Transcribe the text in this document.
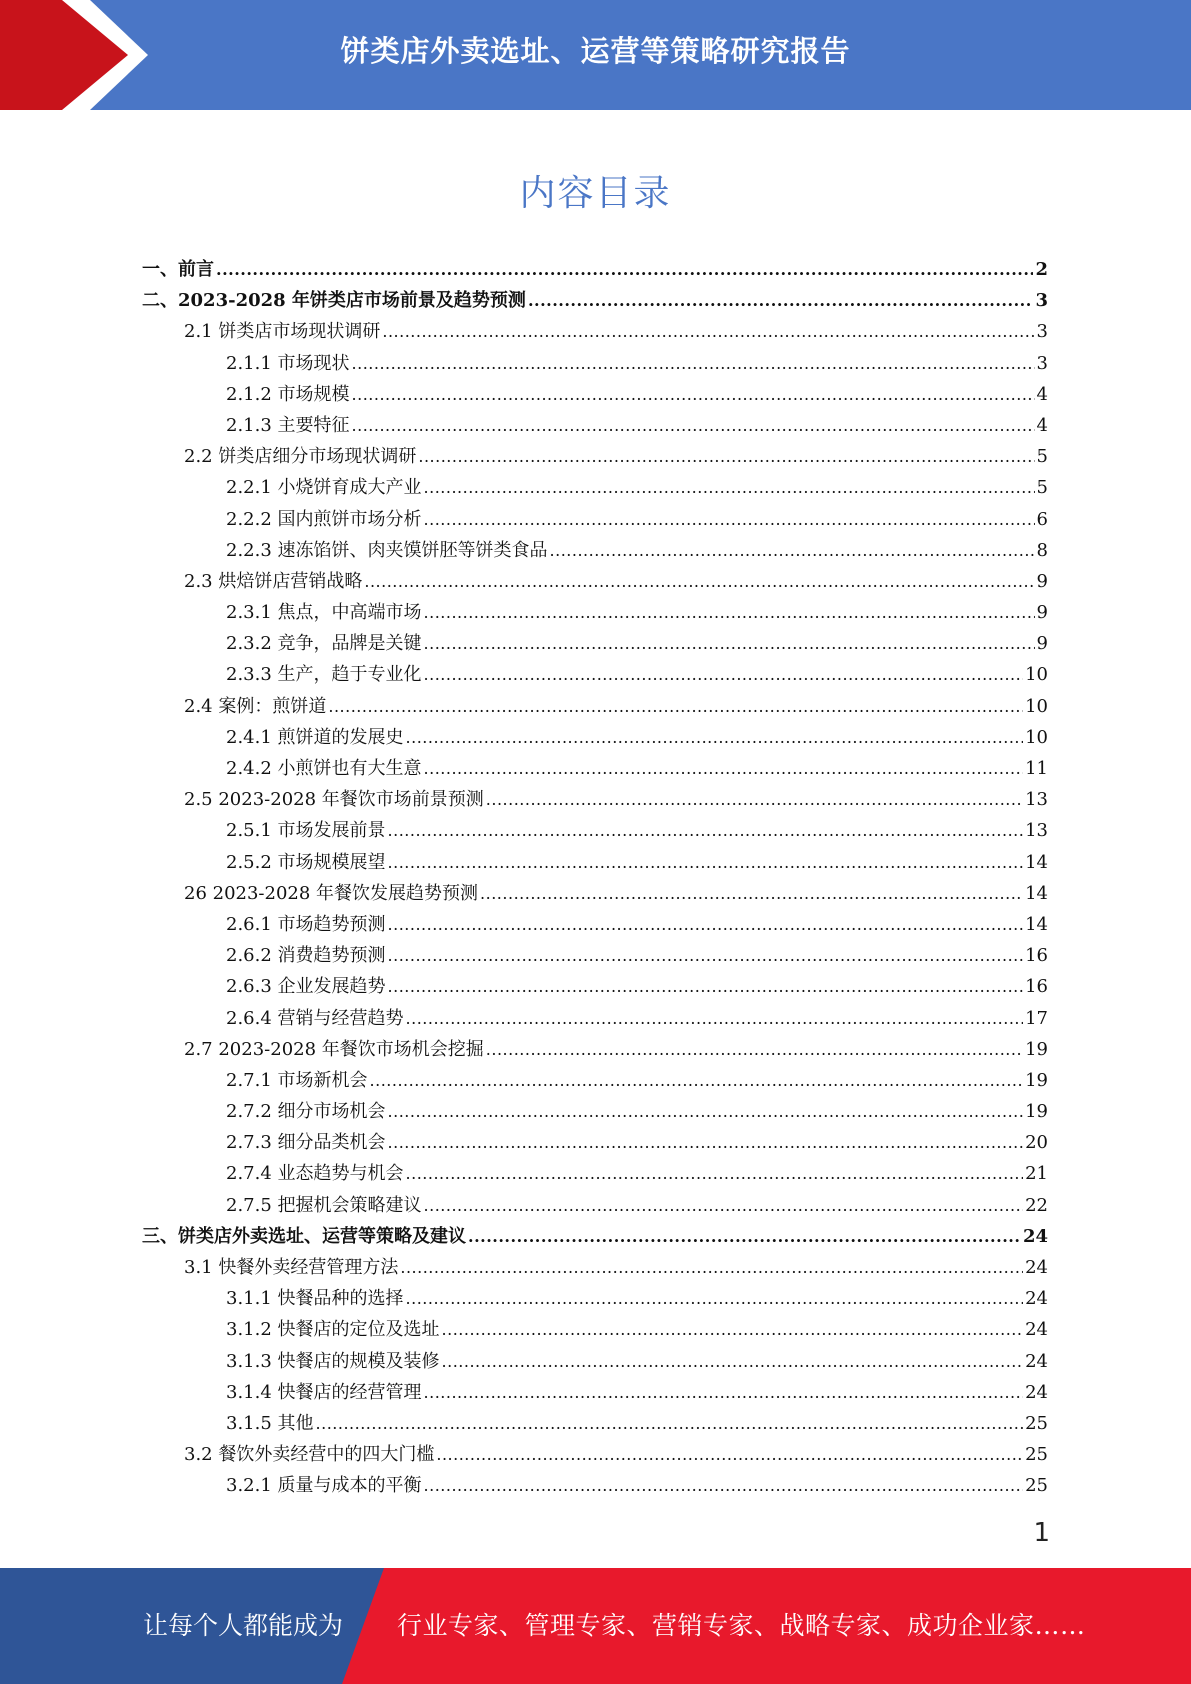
饼类店外卖选址、运营等策略研究报告
内容目录
一、前言 .....	2
二、2023-2028 年饼类店市场前景及趋势预测 .....	3
2.1 饼类店市场现状调研 .....	3
2.1.1 市场现状 .....	3
2.1.2 市场规模 .....	4
2.1.3 主要特征 .....	4
2.2 饼类店细分市场现状调研 .....	5
2.2.1 小烧饼育成大产业 .....	5
2.2.2 国内煎饼市场分析 .....	6
2.2.3 速冻馅饼、肉夹馍饼胚等饼类食品 .....	8
2.3 烘焙饼店营销战略 .....	9
2.3.1 焦点，中高端市场 .....	9
2.3.2 竞争，品牌是关键 .....	9
2.3.3 生产，趋于专业化 .....	10
2.4 案例：煎饼道 .....	10
2.4.1 煎饼道的发展史 .....	10
2.4.2 小煎饼也有大生意 .....	11
2.5 2023-2028 年餐饮市场前景预测 .....	13
2.5.1 市场发展前景 .....	13
2.5.2 市场规模展望 .....	14
26 2023-2028 年餐饮发展趋势预测 .....	14
2.6.1 市场趋势预测 .....	14
2.6.2 消费趋势预测 .....	16
2.6.3 企业发展趋势 .....	16
2.6.4 营销与经营趋势 .....	17
2.7 2023-2028 年餐饮市场机会挖掘 .....	19
2.7.1 市场新机会 .....	19
2.7.2 细分市场机会 .....	19
2.7.3 细分品类机会 .....	20
2.7.4 业态趋势与机会 .....	21
2.7.5 把握机会策略建议 .....	22
三、饼类店外卖选址、运营等策略及建议 .....	24
3.1 快餐外卖经营管理方法 .....	24
3.1.1 快餐品种的选择 .....	24
3.1.2 快餐店的定位及选址 .....	24
3.1.3 快餐店的规模及装修 .....	24
3.1.4 快餐店的经营管理 .....	24
3.1.5 其他 .....	25
3.2 餐饮外卖经营中的四大门槛 .....	25
3.2.1 质量与成本的平衡 .....	25
1
让每个人都能成为 行业专家、管理专家、营销专家、战略专家、成功企业家……
